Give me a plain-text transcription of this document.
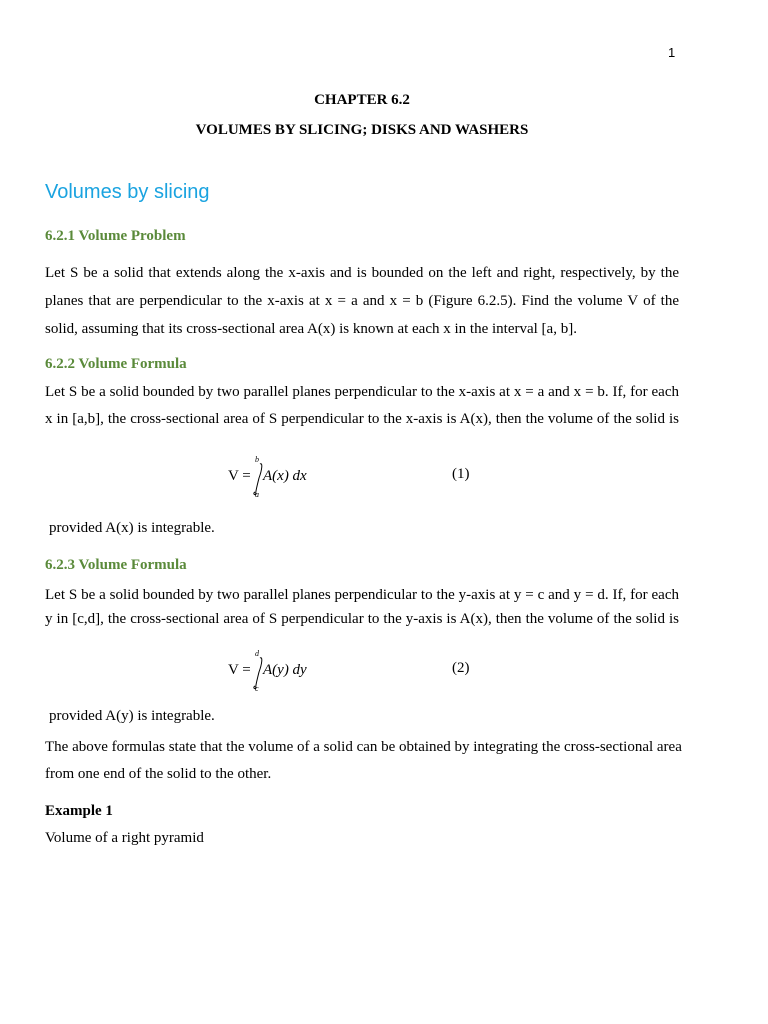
1
CHAPTER 6.2
VOLUMES BY SLICING; DISKS AND WASHERS
Volumes by slicing
6.2.1 Volume Problem
Let S be a solid that extends along the x-axis and is bounded on the left and right, respectively, by the
planes that are perpendicular to the x-axis at x = a and x = b (Figure 6.2.5). Find the volume V of the
solid, assuming that its cross-sectional area A(x) is known at each x in the interval [a, b].
6.2.2 Volume Formula
Let S be a solid bounded by two parallel planes perpendicular to the x-axis at x = a and x = b. If, for each
x in [a,b], the cross-sectional area of S perpendicular to the x-axis is A(x), then the volume of the solid is
V =
b
a
A(x) dx	(1)
provided A(x) is integrable.
6.2.3 Volume Formula
Let S be a solid bounded by two parallel planes perpendicular to the y-axis at y = c and y = d. If, for each
y in [c,d], the cross-sectional area of S perpendicular to the y-axis is A(x), then the volume of the solid is
V =
d
c
A(y) dy	(2)
provided A(y) is integrable.
The above formulas state that the volume of a solid can be obtained by integrating the cross-sectional area
from one end of the solid to the other.
Example 1
Volume of a right pyramid
